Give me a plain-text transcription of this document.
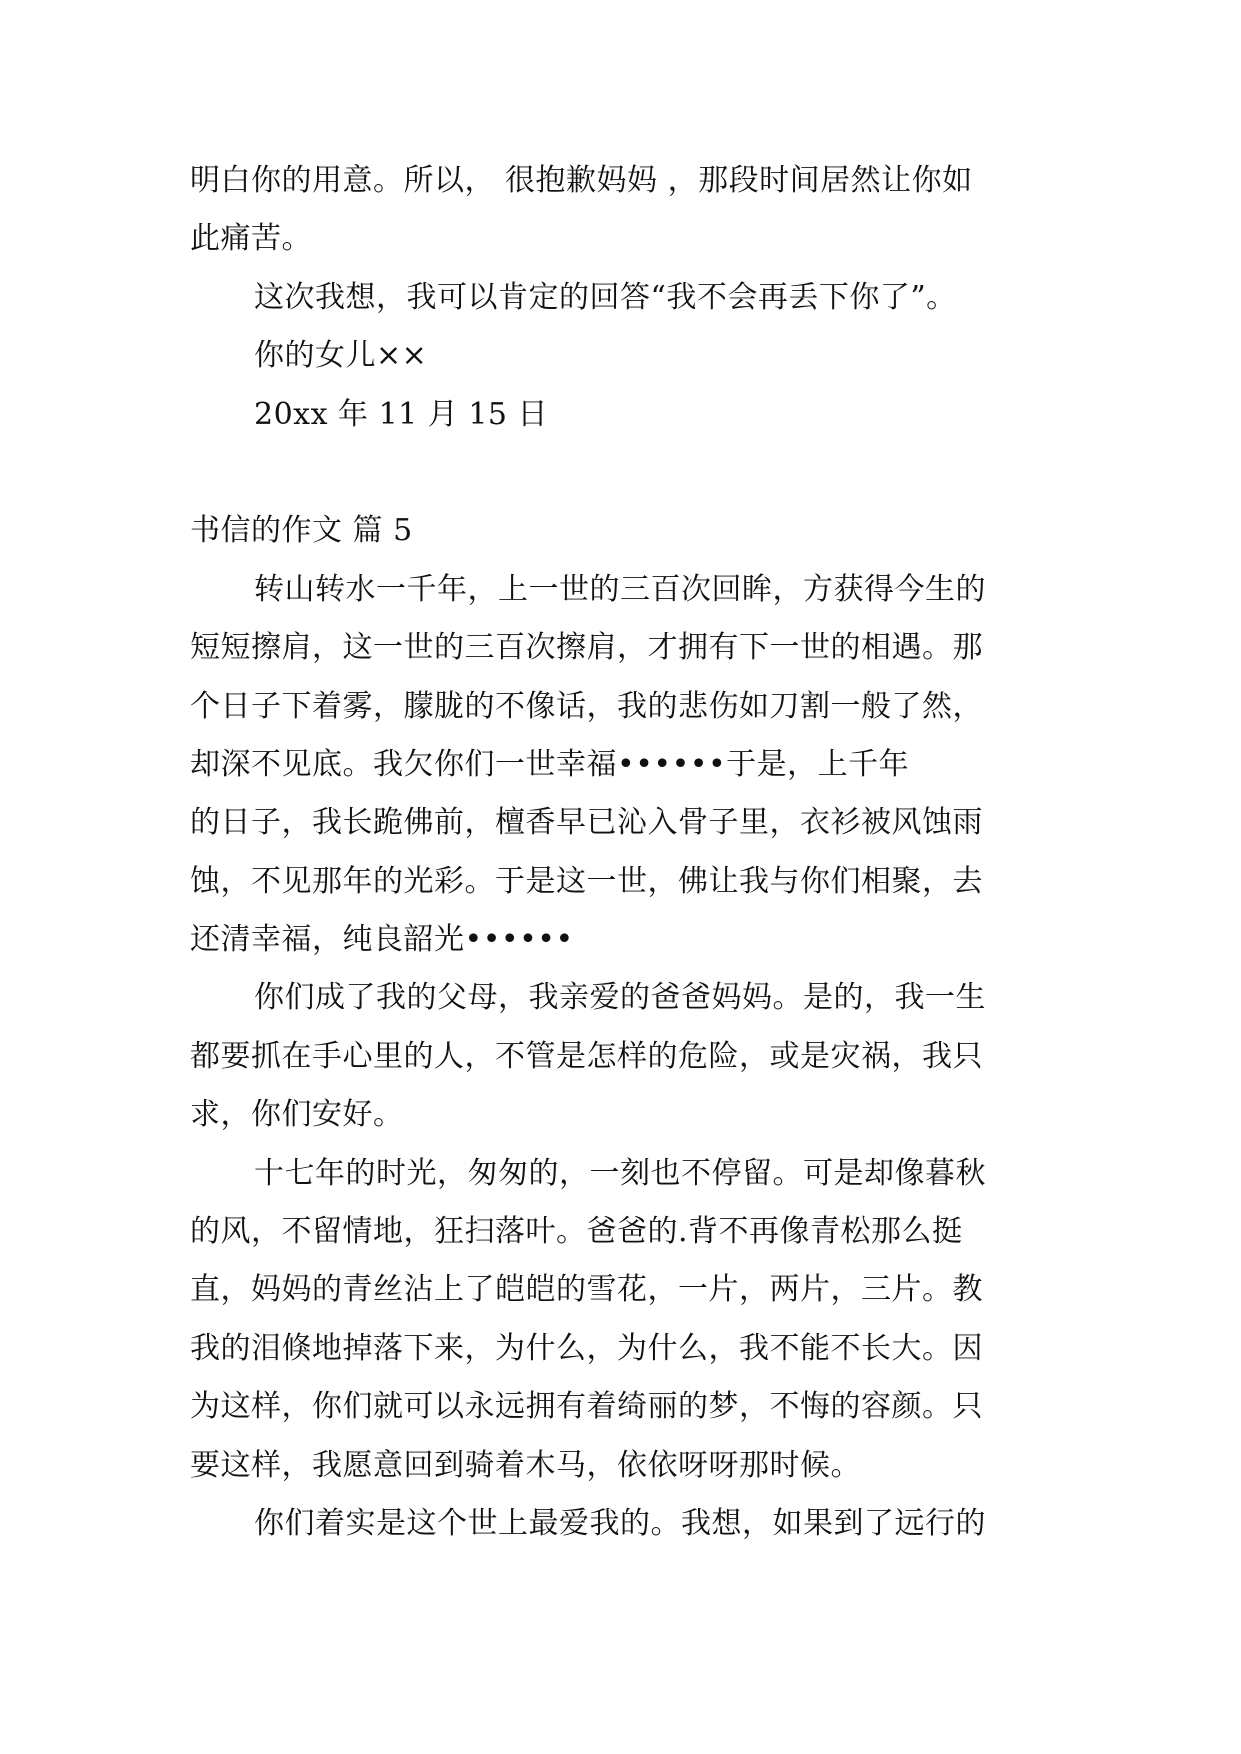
明白你的用意。所以， 很抱歉妈妈 ，那段时间居然让你如
此痛苦。
这次我想，我可以肯定的回答“我不会再丢下你了”。
你的女儿××
20xx 年 11 月 15 日
书信的作文 篇 5
转山转水一千年，上一世的三百次回眸，方获得今生的
短短擦肩，这一世的三百次擦肩，才拥有下一世的相遇。那
个日子下着雾，朦胧的不像话，我的悲伤如刀割一般了然，
却深不见底。我欠你们一世幸福••••••于是，上千年
的日子，我长跪佛前，檀香早已沁入骨子里，衣衫被风蚀雨
蚀，不见那年的光彩。于是这一世，佛让我与你们相聚，去
还清幸福，纯良韶光••••••
你们成了我的父母，我亲爱的爸爸妈妈。是的，我一生
都要抓在手心里的人，不管是怎样的危险，或是灾祸，我只
求，你们安好。
十七年的时光，匆匆的，一刻也不停留。可是却像暮秋
的风，不留情地，狂扫落叶。爸爸的.背不再像青松那么挺
直，妈妈的青丝沾上了皑皑的雪花，一片，两片，三片。教
我的泪倏地掉落下来，为什么，为什么，我不能不长大。因
为这样，你们就可以永远拥有着绮丽的梦，不悔的容颜。只
要这样，我愿意回到骑着木马，依依呀呀那时候。
你们着实是这个世上最爱我的。我想，如果到了远行的
